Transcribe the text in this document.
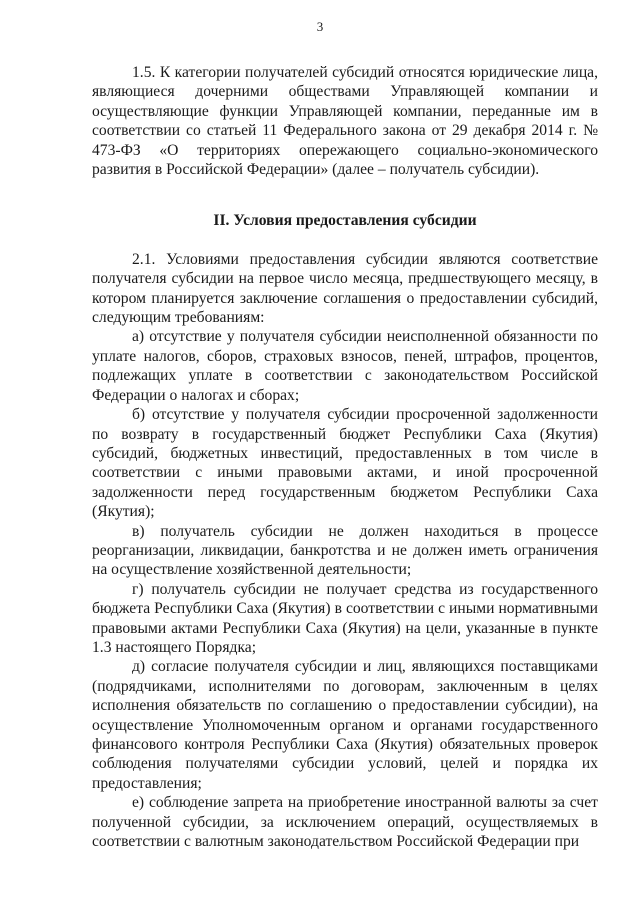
3

1.5. К категории получателей субсидий относятся юридические лица, являющиеся дочерними обществами Управляющей компании и осуществляющие функции Управляющей компании, переданные им в соответствии со статьей 11 Федерального закона от 29 декабря 2014 г. № 473-ФЗ «О территориях опережающего социально-экономического развития в Российской Федерации» (далее – получатель субсидии).

II. Условия предоставления субсидии

2.1. Условиями предоставления субсидии являются соответствие получателя субсидии на первое число месяца, предшествующего месяцу, в котором планируется заключение соглашения о предоставлении субсидий, следующим требованиям:

а) отсутствие у получателя субсидии неисполненной обязанности по уплате налогов, сборов, страховых взносов, пеней, штрафов, процентов, подлежащих уплате в соответствии с законодательством Российской Федерации о налогах и сборах;

б) отсутствие у получателя субсидии просроченной задолженности по возврату в государственный бюджет Республики Саха (Якутия) субсидий, бюджетных инвестиций, предоставленных в том числе в соответствии с иными правовыми актами, и иной просроченной задолженности перед государственным бюджетом Республики Саха (Якутия);

в) получатель субсидии не должен находиться в процессе реорганизации, ликвидации, банкротства и не должен иметь ограничения на осуществление хозяйственной деятельности;

г) получатель субсидии не получает средства из государственного бюджета Республики Саха (Якутия) в соответствии с иными нормативными правовыми актами Республики Саха (Якутия) на цели, указанные в пункте 1.3 настоящего Порядка;

д) согласие получателя субсидии и лиц, являющихся поставщиками (подрядчиками, исполнителями по договорам, заключенным в целях исполнения обязательств по соглашению о предоставлении субсидии), на осуществление Уполномоченным органом и органами государственного финансового контроля Республики Саха (Якутия) обязательных проверок соблюдения получателями субсидии условий, целей и порядка их предоставления;

е) соблюдение запрета на приобретение иностранной валюты за счет полученной субсидии, за исключением операций, осуществляемых в соответствии с валютным законодательством Российской Федерации при
